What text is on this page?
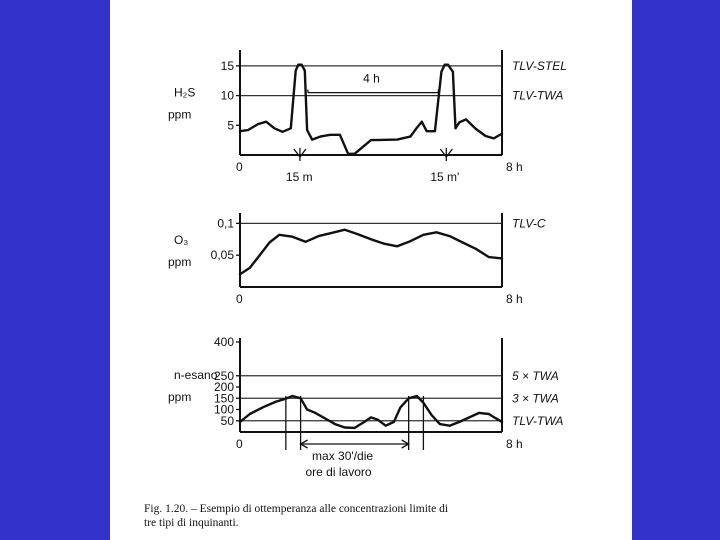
TLV-STEL
TLV-TWA
15
10
5
0	8 h
H₂S
ppm
TLV-C
0,1
0,05
0	8 h
O₃
ppm
5 × TWA
3 × TWA
TLV-TWA
400
250
200
150
100
50
0	8 h
n-esano
ppm
15 m	15 m'
4 h
max 30'/die
ore di lavoro
Fig. 1.20. – Esempio di ottemperanza alle concentrazioni limite di
tre tipi di inquinanti.
